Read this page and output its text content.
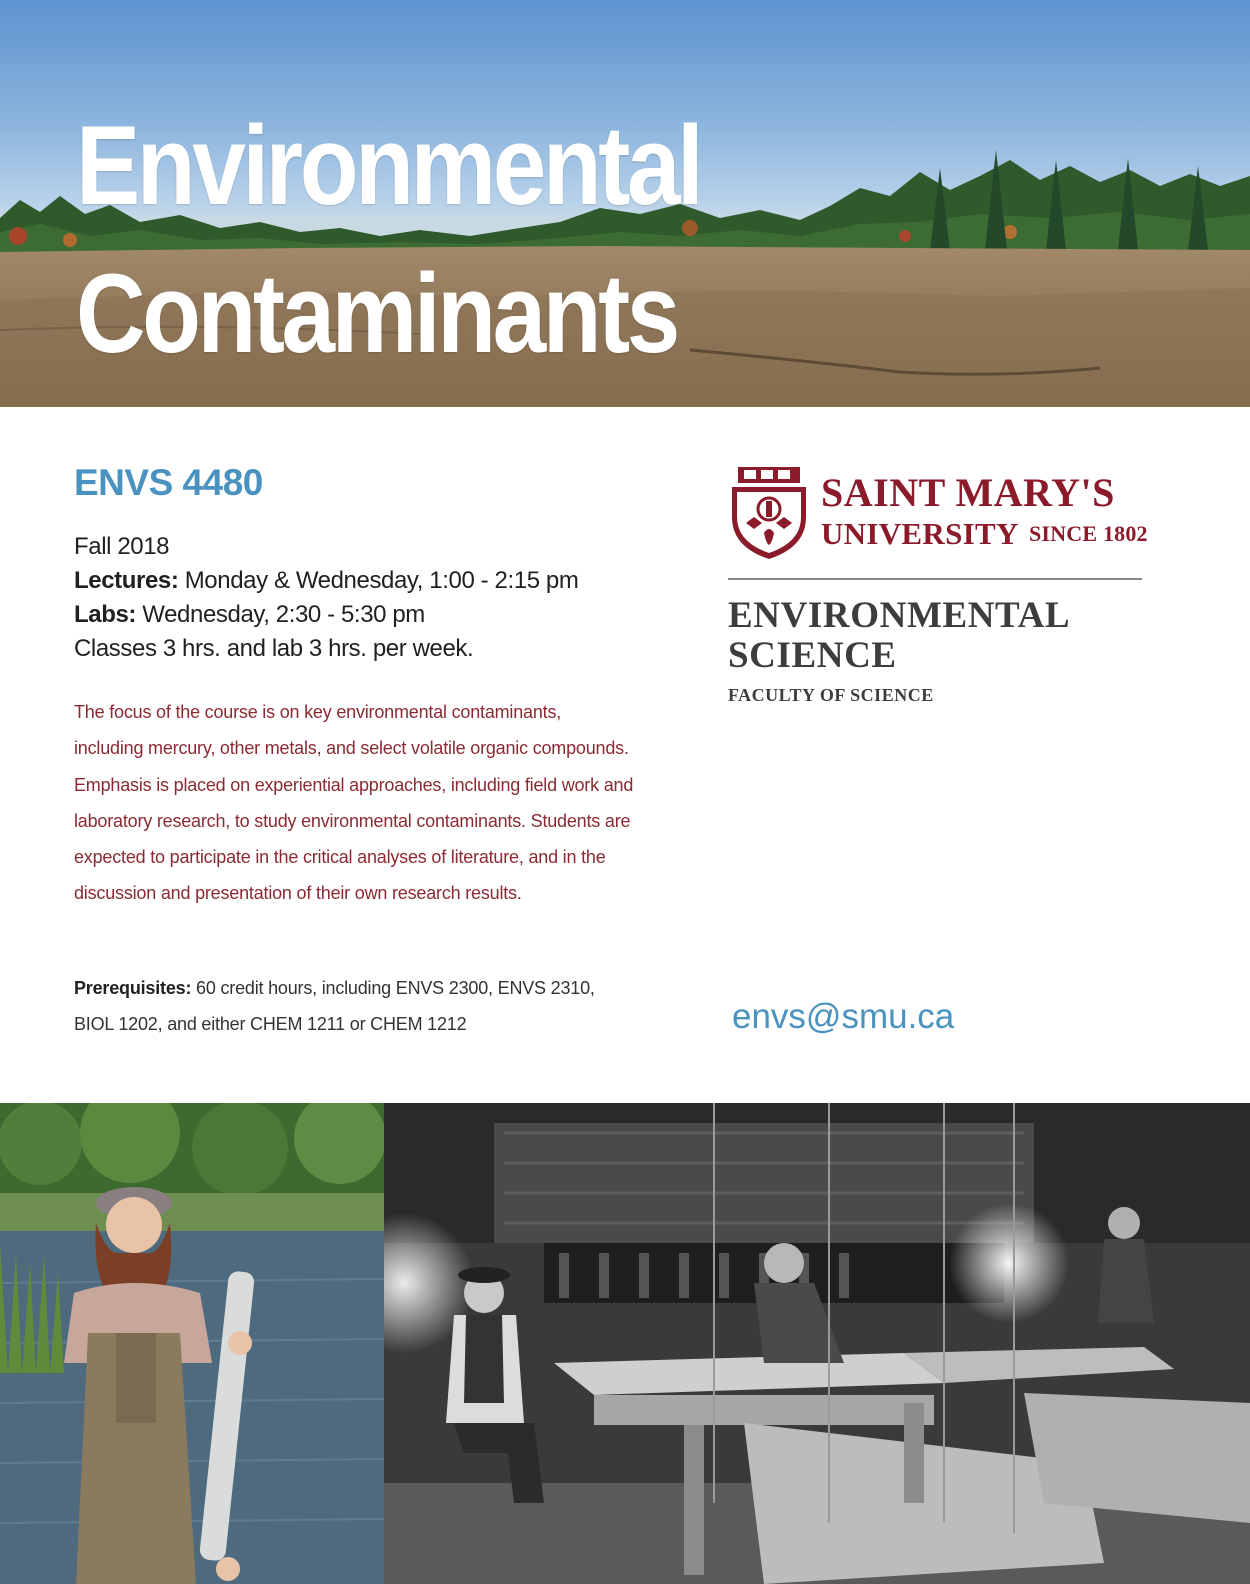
Environmental
Contaminants
ENVS 4480
Fall 2018
Lectures: Monday & Wednesday, 1:00 - 2:15 pm
Labs: Wednesday, 2:30 - 5:30 pm
Classes 3 hrs. and lab 3 hrs. per week.

The focus of the course is on key environmental contaminants, including mercury, other metals, and select volatile organic compounds. Emphasis is placed on experiential approaches, including field work and laboratory research, to study environmental contaminants. Students are expected to participate in the critical analyses of literature, and in the discussion and presentation of their own research results.

Prerequisites: 60 credit hours, including ENVS 2300, ENVS 2310, BIOL 1202, and either CHEM 1211 or CHEM 1212

SAINT MARY'S
UNIVERSITY SINCE 1802
ENVIRONMENTAL
SCIENCE
FACULTY OF SCIENCE
envs@smu.ca
